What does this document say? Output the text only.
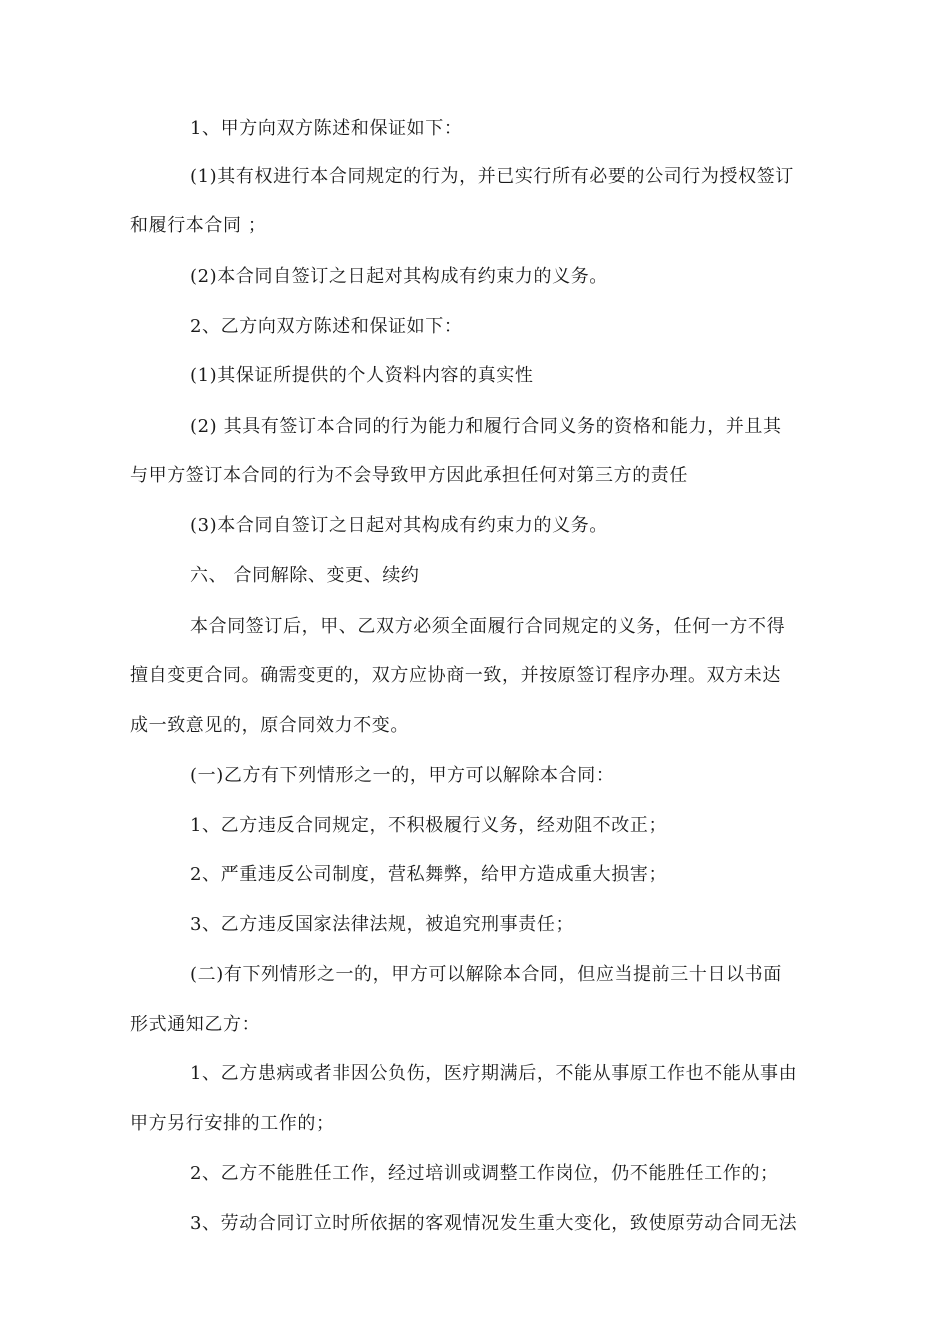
1、甲方向双方陈述和保证如下：
(1)其有权进行本合同规定的行为，并已实行所有必要的公司行为授权签订
和履行本合同 ；
(2)本合同自签订之日起对其构成有约束力的义务。
2、乙方向双方陈述和保证如下：
(1)其保证所提供的个人资料内容的真实性
(2) 其具有签订本合同的行为能力和履行合同义务的资格和能力，并且其
与甲方签订本合同的行为不会导致甲方因此承担任何对第三方的责任
(3)本合同自签订之日起对其构成有约束力的义务。
六、 合同解除、变更、续约
本合同签订后，甲、乙双方必须全面履行合同规定的义务，任何一方不得
擅自变更合同。确需变更的，双方应协商一致，并按原签订程序办理。双方未达
成一致意见的，原合同效力不变。
(一)乙方有下列情形之一的，甲方可以解除本合同：
1、乙方违反合同规定，不积极履行义务，经劝阻不改正；
2、严重违反公司制度，营私舞弊，给甲方造成重大损害；
3、乙方违反国家法律法规，被追究刑事责任；
(二)有下列情形之一的，甲方可以解除本合同，但应当提前三十日以书面
形式通知乙方：
1、乙方患病或者非因公负伤，医疗期满后，不能从事原工作也不能从事由
甲方另行安排的工作的；
2、乙方不能胜任工作，经过培训或调整工作岗位，仍不能胜任工作的；
3、劳动合同订立时所依据的客观情况发生重大变化，致使原劳动合同无法
